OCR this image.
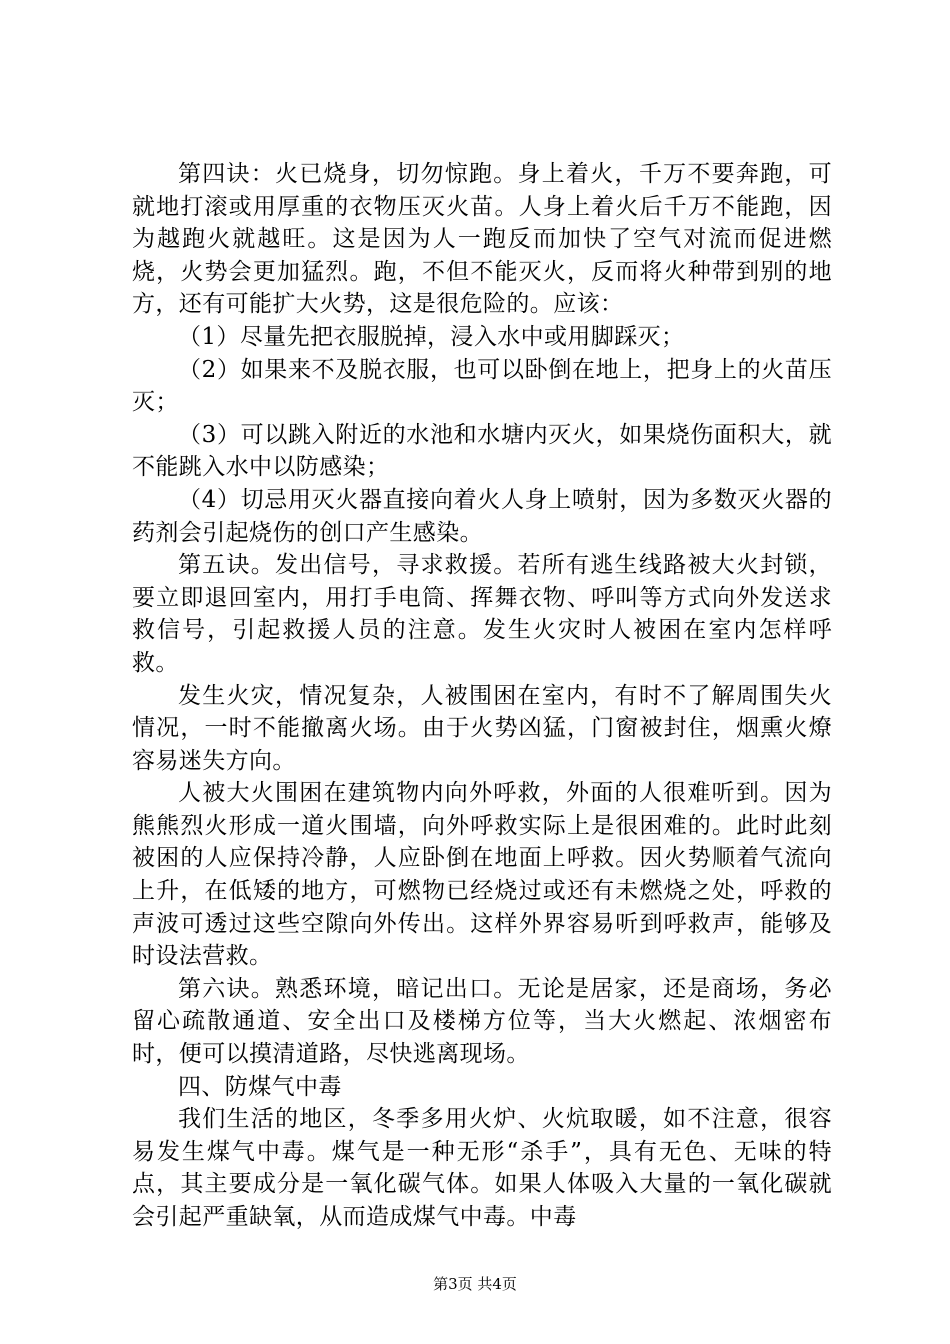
第四诀：火已烧身，切勿惊跑。身上着火，千万不要奔跑，可就地打滚或用厚重的衣物压灭火苗。人身上着火后千万不能跑，因为越跑火就越旺。这是因为人一跑反而加快了空气对流而促进燃烧，火势会更加猛烈。跑，不但不能灭火，反而将火种带到别的地方，还有可能扩大火势，这是很危险的。应该：

（1）尽量先把衣服脱掉，浸入水中或用脚踩灭；

（2）如果来不及脱衣服，也可以卧倒在地上，把身上的火苗压灭；

（3）可以跳入附近的水池和水塘内灭火，如果烧伤面积大，就不能跳入水中以防感染；

（4）切忌用灭火器直接向着火人身上喷射，因为多数灭火器的药剂会引起烧伤的创口产生感染。

第五诀。发出信号，寻求救援。若所有逃生线路被大火封锁，要立即退回室内，用打手电筒、挥舞衣物、呼叫等方式向外发送求救信号，引起救援人员的注意。发生火灾时人被困在室内怎样呼救。

发生火灾，情况复杂，人被围困在室内，有时不了解周围失火情况，一时不能撤离火场。由于火势凶猛，门窗被封住，烟熏火燎容易迷失方向。

人被大火围困在建筑物内向外呼救，外面的人很难听到。因为熊熊烈火形成一道火围墙，向外呼救实际上是很困难的。此时此刻被困的人应保持冷静，人应卧倒在地面上呼救。因火势顺着气流向上升，在低矮的地方，可燃物已经烧过或还有未燃烧之处，呼救的声波可透过这些空隙向外传出。这样外界容易听到呼救声，能够及时设法营救。

第六诀。熟悉环境，暗记出口。无论是居家，还是商场，务必留心疏散通道、安全出口及楼梯方位等，当大火燃起、浓烟密布时，便可以摸清道路，尽快逃离现场。

四、防煤气中毒

我们生活的地区，冬季多用火炉、火炕取暖，如不注意，很容易发生煤气中毒。煤气是一种无形“杀手”，具有无色、无味的特点，其主要成分是一氧化碳气体。如果人体吸入大量的一氧化碳就会引起严重缺氧，从而造成煤气中毒。中毒

第3页 共4页
